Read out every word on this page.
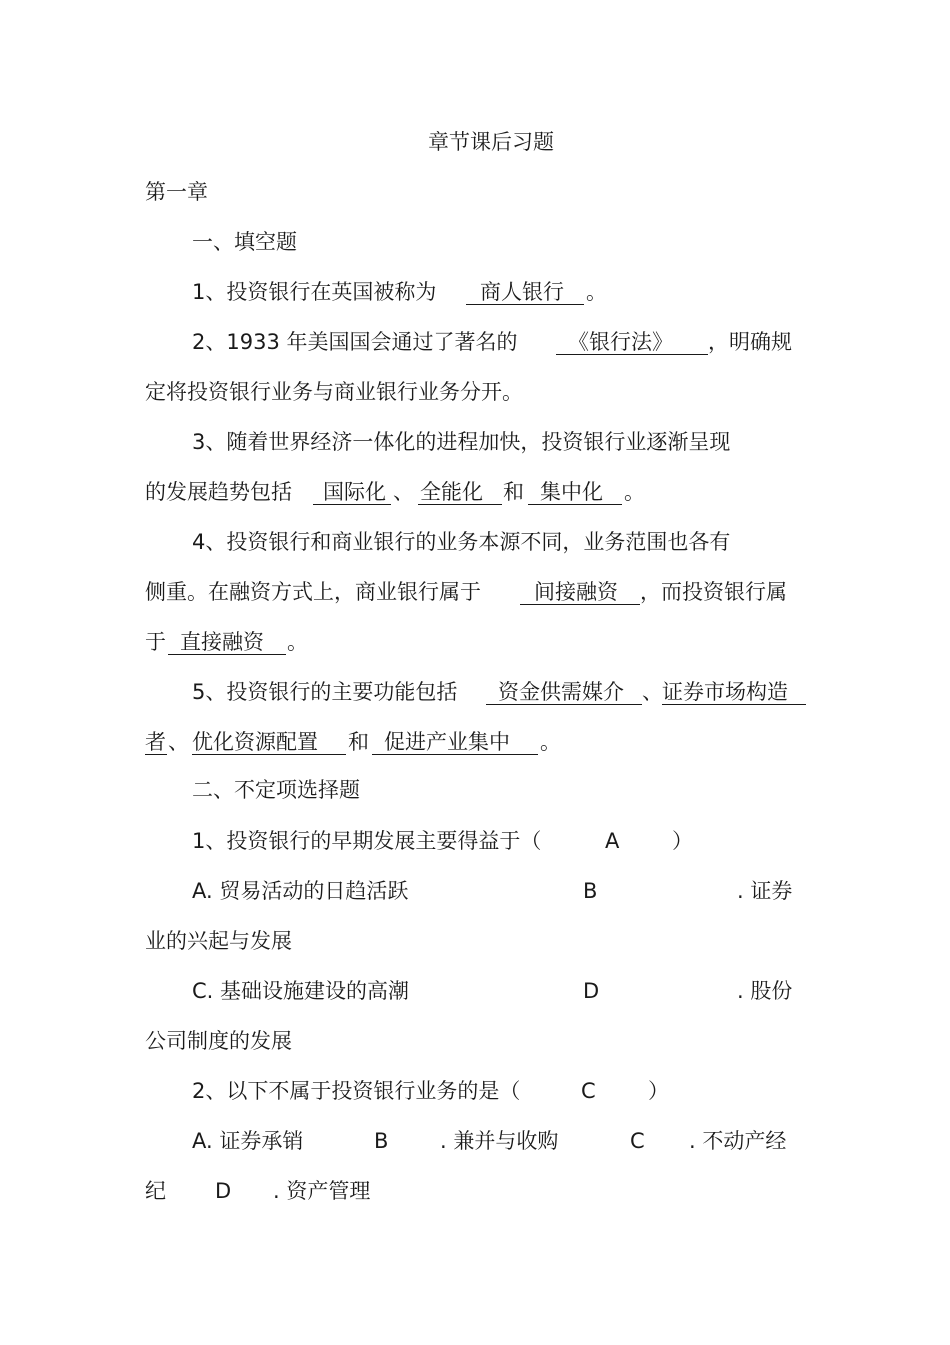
章节课后习题
第一章
一、填空题
1、投资银行在英国被称为 商人银行 。
2、1933 年美国国会通过了著名的 《银行法》 ，明确规
定将投资银行业务与商业银行业务分开。
3、随着世界经济一体化的进程加快，投资银行业逐渐呈现
的发展趋势包括 国际化 、 全能化 和 集中化 。
4、投资银行和商业银行的业务本源不同，业务范围也各有
侧重。在融资方式上，商业银行属于	间接融资 ，而投资银行属
于 直接融资 。
5、投资银行的主要功能包括 资金供需媒介 、 证券市场构造
者 、 优化资源配置 和 促进产业集中 。
二、不定项选择题
1、投资银行的早期发展主要得益于（	A	）
A. 贸易活动的日趋活跃	B	. 证券
业的兴起与发展
C. 基础设施建设的高潮	D	. 股份
公司制度的发展
2、以下不属于投资银行业务的是（	C ）
A. 证券承销	B . 兼并与收购	C . 不动产经
纪 D . 资产管理
